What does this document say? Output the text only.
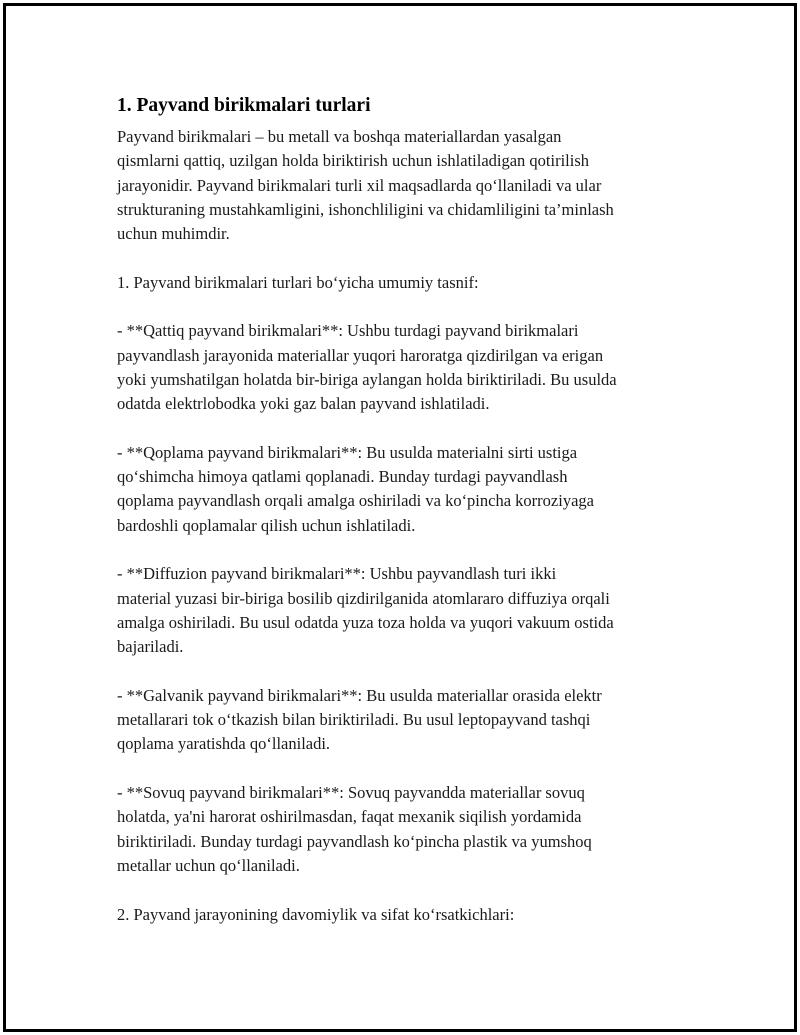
1. Payvand birikmalari turlari

Payvand birikmalari – bu metall va boshqa materiallardan yasalgan
qismlarni qattiq, uzilgan holda biriktirish uchun ishlatiladigan qotirilish
jarayonidir. Payvand birikmalari turli xil maqsadlarda qo‘llaniladi va ular
strukturaning mustahkamligini, ishonchliligini va chidamliligini ta’minlash
uchun muhimdir.

1. Payvand birikmalari turlari bo‘yicha umumiy tasnif:

- **Qattiq payvand birikmalari**: Ushbu turdagi payvand birikmalari
payvandlash jarayonida materiallar yuqori haroratga qizdirilgan va erigan
yoki yumshatilgan holatda bir-biriga aylangan holda biriktiriladi. Bu usulda
odatda elektrlobodka yoki gaz balan payvand ishlatiladi.

- **Qoplama payvand birikmalari**: Bu usulda materialni sirti ustiga
qo‘shimcha himoya qatlami qoplanadi. Bunday turdagi payvandlash
qoplama payvandlash orqali amalga oshiriladi va ko‘pincha korroziyaga
bardoshli qoplamalar qilish uchun ishlatiladi.

- **Diffuzion payvand birikmalari**: Ushbu payvandlash turi ikki
material yuzasi bir-biriga bosilib qizdirilganida atomlararo diffuziya orqali
amalga oshiriladi. Bu usul odatda yuza toza holda va yuqori vakuum ostida
bajariladi.

- **Galvanik payvand birikmalari**: Bu usulda materiallar orasida elektr
metallarari tok o‘tkazish bilan biriktiriladi. Bu usul leptopayvand tashqi
qoplama yaratishda qo‘llaniladi.

- **Sovuq payvand birikmalari**: Sovuq payvandda materiallar sovuq
holatda, ya'ni harorat oshirilmasdan, faqat mexanik siqilish yordamida
biriktiriladi. Bunday turdagi payvandlash ko‘pincha plastik va yumshoq
metallar uchun qo‘llaniladi.

2. Payvand jarayonining davomiylik va sifat ko‘rsatkichlari:
